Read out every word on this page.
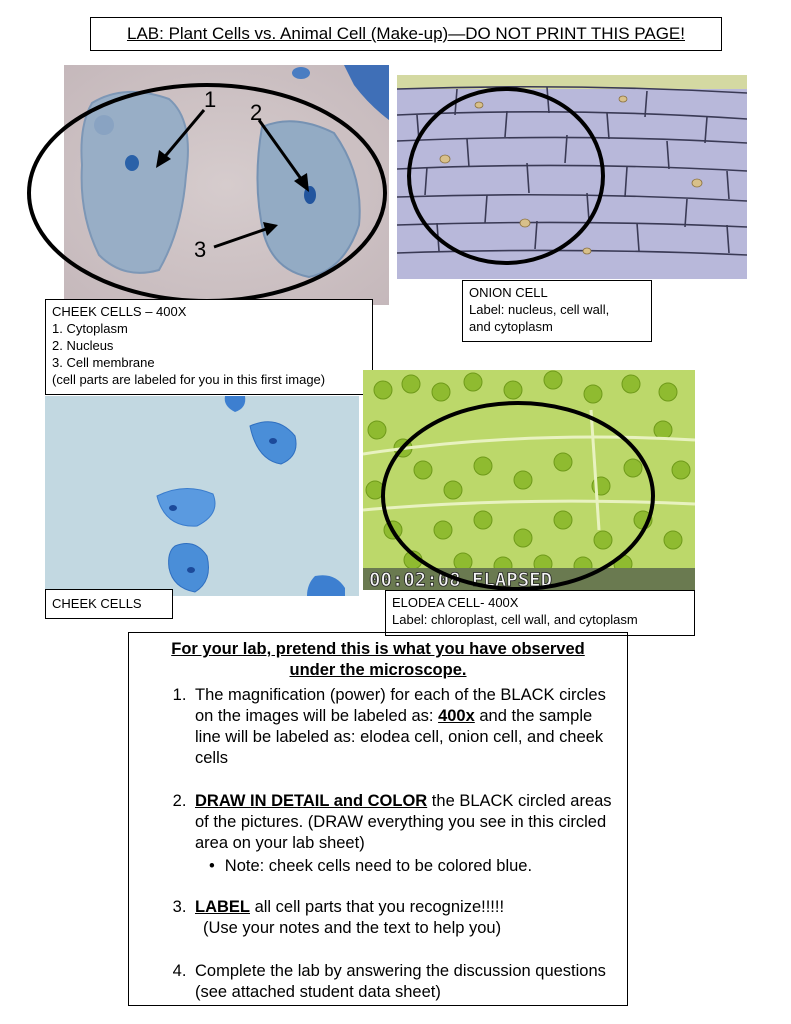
LAB: Plant Cells vs. Animal Cell (Make-up)—DO NOT PRINT THIS PAGE!
1
2
3
CHEEK CELLS – 400X
1. Cytoplasm
2. Nucleus
3. Cell membrane
(cell parts are labeled for you in this first image)
ONION CELL
Label: nucleus, cell wall,
and cytoplasm
00:02:08 ELAPSED
CHEEK CELLS	ELODEA CELL- 400X
Label: chloroplast, cell wall, and cytoplasm
For your lab, pretend this is what you have observed
under the microscope.
1. The magnification (power) for each of the BLACK circles on the images will be labeled as: 400x and the sample line will be labeled as: elodea cell, onion cell, and cheek cells
2. DRAW IN DETAIL and COLOR the BLACK circled areas of the pictures. (DRAW everything you see in this circled area on your lab sheet)
• Note: cheek cells need to be colored blue.
3. LABEL all cell parts that you recognize!!!!!
(Use your notes and the text to help you)
4. Complete the lab by answering the discussion questions (see attached student data sheet)
